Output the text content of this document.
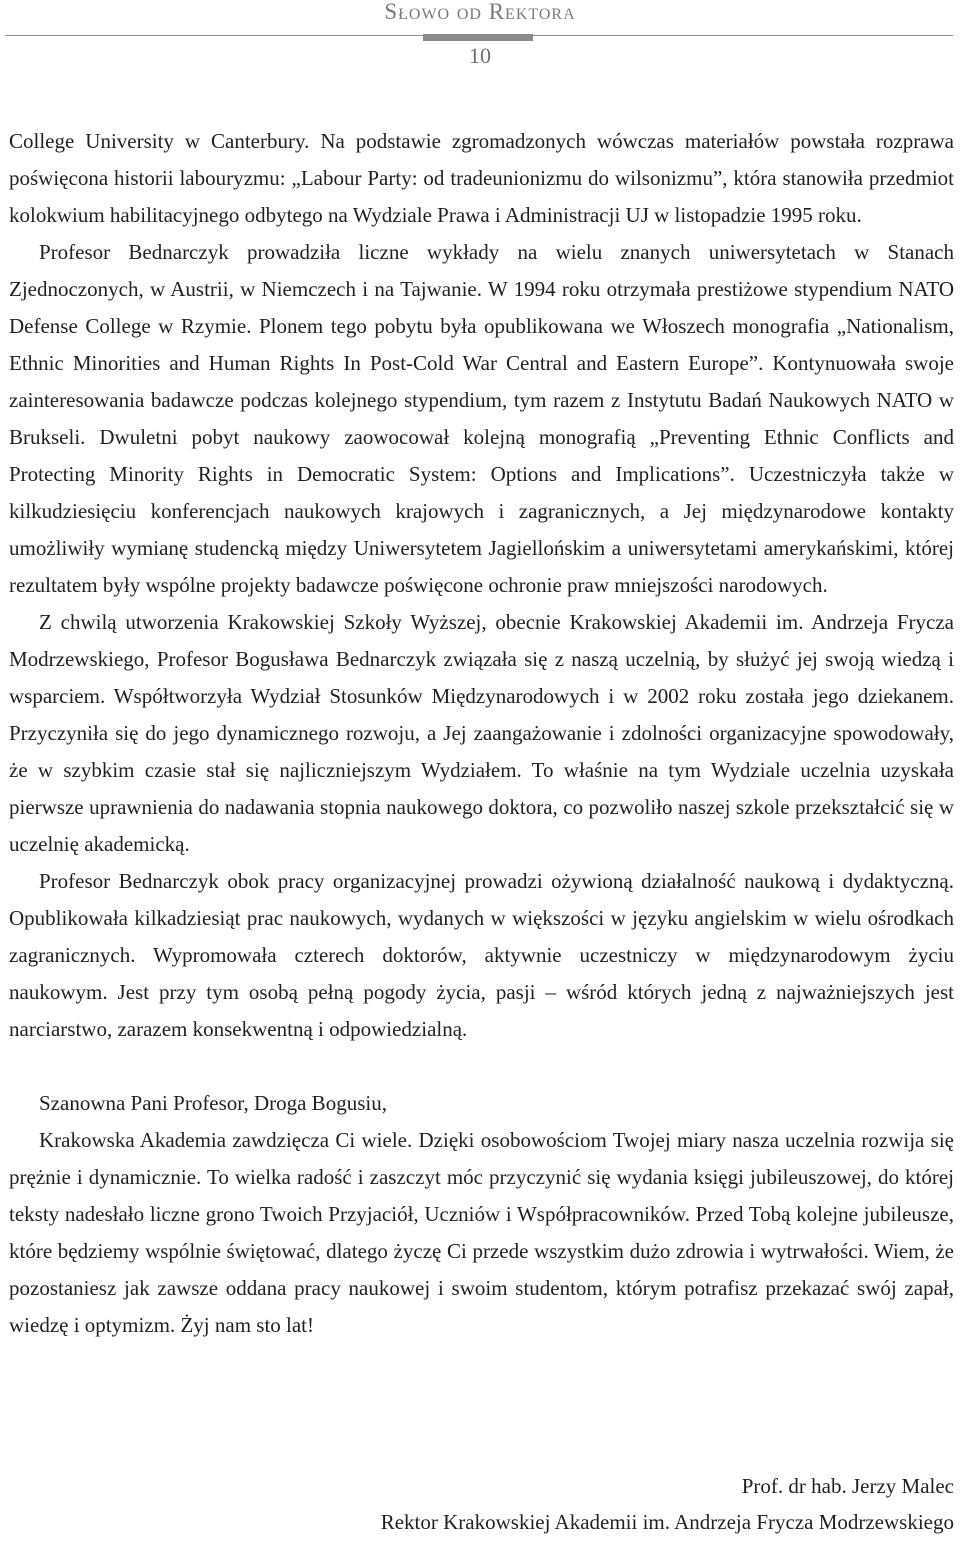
Słowo od Rektora
10

College University w Canterbury. Na podstawie zgromadzonych wówczas materiałów powstała rozprawa poświęcona historii labouryzmu: „Labour Party: od tradeunionizmu do wilsonizmu”, która stanowiła przedmiot kolokwium habilitacyjnego odbytego na Wydziale Prawa i Administracji UJ w listopadzie 1995 roku.

Profesor Bednarczyk prowadziła liczne wykłady na wielu znanych uniwersytetach w Stanach Zjednoczonych, w Austrii, w Niemczech i na Tajwanie. W 1994 roku otrzymała prestiżowe stypendium NATO Defense College w Rzymie. Plonem tego pobytu była opublikowana we Włoszech monografia „Nationalism, Ethnic Minorities and Human Rights In Post-Cold War Central and Eastern Europe”. Kontynuowała swoje zainteresowania badawcze podczas kolejnego stypendium, tym razem z Instytutu Badań Naukowych NATO w Brukseli. Dwuletni pobyt naukowy zaowocował kolejną monografią „Preventing Ethnic Conflicts and Protecting Minority Rights in Democratic System: Options and Implications”. Uczestniczyła także w kilkudziesięciu konferencjach naukowych krajowych i zagranicznych, a Jej międzynarodowe kontakty umożliwiły wymianę studencką między Uniwersytetem Jagiellońskim a uniwersytetami amerykańskimi, której rezultatem były wspólne projekty badawcze poświęcone ochronie praw mniejszości narodowych.

Z chwilą utworzenia Krakowskiej Szkoły Wyższej, obecnie Krakowskiej Akademii im. Andrzeja Frycza Modrzewskiego, Profesor Bogusława Bednarczyk związała się z naszą uczelnią, by służyć jej swoją wiedzą i wsparciem. Współtworzyła Wydział Stosunków Międzynarodowych i w 2002 roku została jego dziekanem. Przyczyniła się do jego dynamicznego rozwoju, a Jej zaangażowanie i zdolności organizacyjne spowodowały, że w szybkim czasie stał się najliczniejszym Wydziałem. To właśnie na tym Wydziale uczelnia uzyskała pierwsze uprawnienia do nadawania stopnia naukowego doktora, co pozwoliło naszej szkole przekształcić się w uczelnię akademicką.

Profesor Bednarczyk obok pracy organizacyjnej prowadzi ożywioną działalność naukową i dydaktyczną. Opublikowała kilkadziesiąt prac naukowych, wydanych w większości w języku angielskim w wielu ośrodkach zagranicznych. Wypromowała czterech doktorów, aktywnie uczestniczy w międzynarodowym życiu naukowym. Jest przy tym osobą pełną pogody życia, pasji – wśród których jedną z najważniejszych jest narciarstwo, zarazem konsekwentną i odpowiedzialną.

Szanowna Pani Profesor, Droga Bogusiu,

Krakowska Akademia zawdzięcza Ci wiele. Dzięki osobowościom Twojej miary nasza uczelnia rozwija się prężnie i dynamicznie. To wielka radość i zaszczyt móc przyczynić się wydania księgi jubileuszowej, do której teksty nadesłało liczne grono Twoich Przyjaciół, Uczniów i Współpracowników. Przed Tobą kolejne jubileusze, które będziemy wspólnie świętować, dlatego życzę Ci przede wszystkim dużo zdrowia i wytrwałości. Wiem, że pozostaniesz jak zawsze oddana pracy naukowej i swoim studentom, którym potrafisz przekazać swój zapał, wiedzę i optymizm. Żyj nam sto lat!

Prof. dr hab. Jerzy Malec
Rektor Krakowskiej Akademii im. Andrzeja Frycza Modrzewskiego
